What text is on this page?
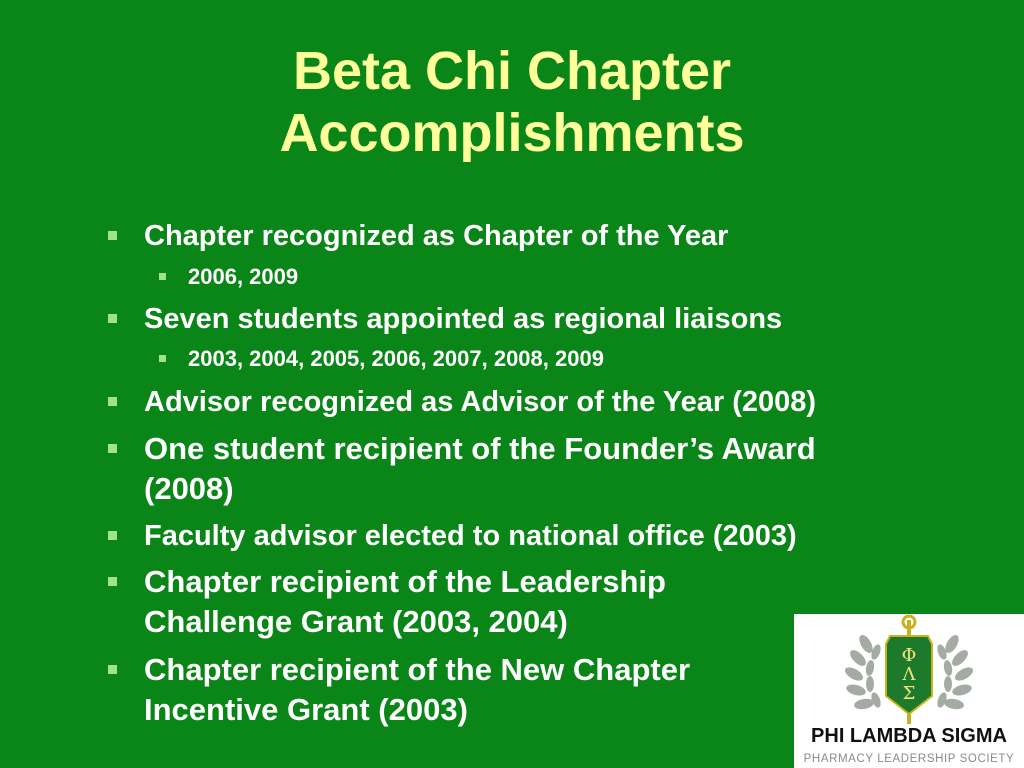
Beta Chi Chapter
Accomplishments
Chapter recognized as Chapter of the Year
2006, 2009
Seven students appointed as regional liaisons
2003, 2004, 2005, 2006, 2007, 2008, 2009
Advisor recognized as Advisor of the Year (2008)
One student recipient of the Founder’s Award
(2008)
Faculty advisor elected to national office (2003)
Chapter recipient of the Leadership
Challenge Grant (2003, 2004)
Chapter recipient of the New Chapter
Incentive Grant (2003)
Φ
Λ
Σ
PHI LAMBDA SIGMA
PHARMACY LEADERSHIP SOCIETY
